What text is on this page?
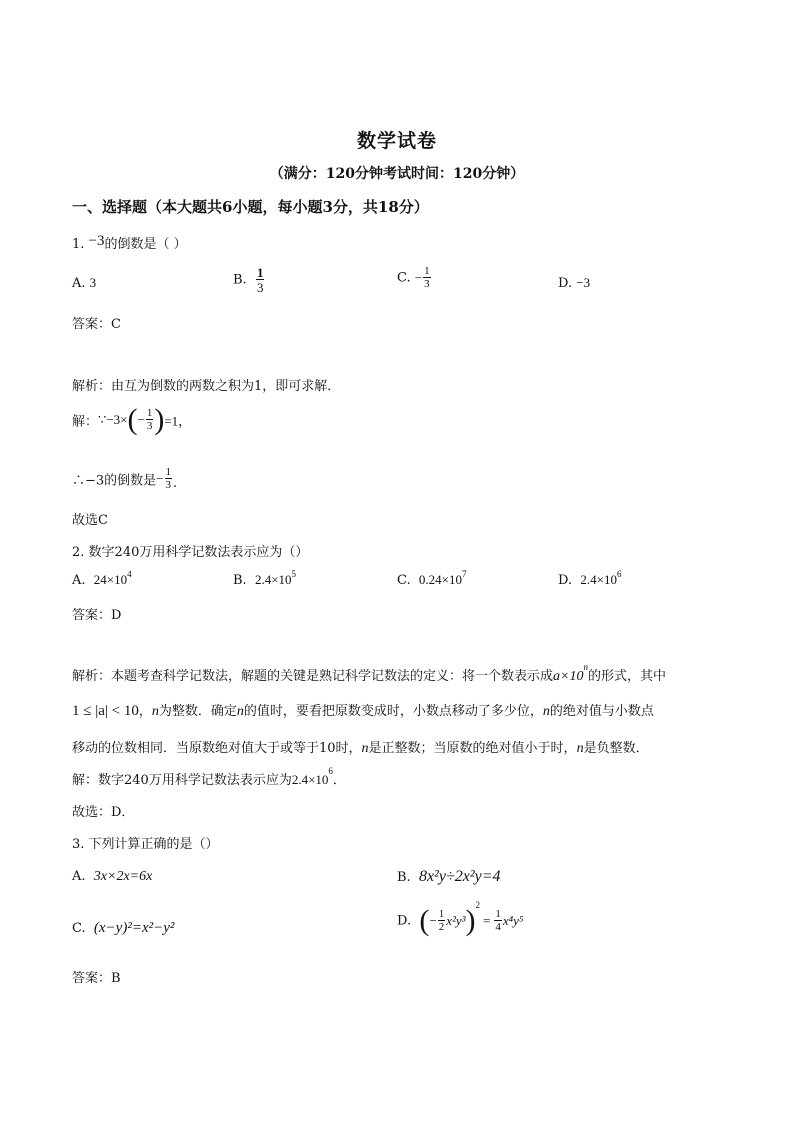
数学试卷
（满分：120分钟考试时间：120分钟）
一、选择题（本大题共6小题，每小题3分，共18分）
1. −3的倒数是（ ）
A. 3	B. $\frac{1}{3}$	C. − $\frac{1}{3}$	D. −3
答案：C
解析：由互为倒数的两数之积为1，即可求解．
解：∵−3×(− $\frac{1}{3} )=1$，
∴−3的倒数是− $\frac{1}{3}$ .
故选C
2. 数字240万用科学记数法表示应为（）
A. $24\times 10^4$	B. $2.4\times 10^5$	C. $0.24\times 10^7$	D. $2.4\times 10^6$
答案：D
解析：本题考查科学记数法，解题的关键是熟记科学记数法的定义：将一个数表示成$a\times 10^n$的形式，其中
1 ≤ |a| < 10，n为整数．确定n的值时，要看把原数变成时，小数点移动了多少位，n的绝对值与小数点
移动的位数相同．当原数绝对值大于或等于10时，n是正整数；当原数的绝对值小于时，n是负整数．
解：数字240万用科学记数法表示应为$2.4\times 10^6$．
故选：D．
3. 下列计算正确的是（）
A. 3x×2x=6x	B. 8x²y÷2x²y=4
C. (x−y)²=x²−y²	D. (− $\frac{1}{2} x^2y^3)^2= \frac{1}{4} x^4y^5$
答案：B
